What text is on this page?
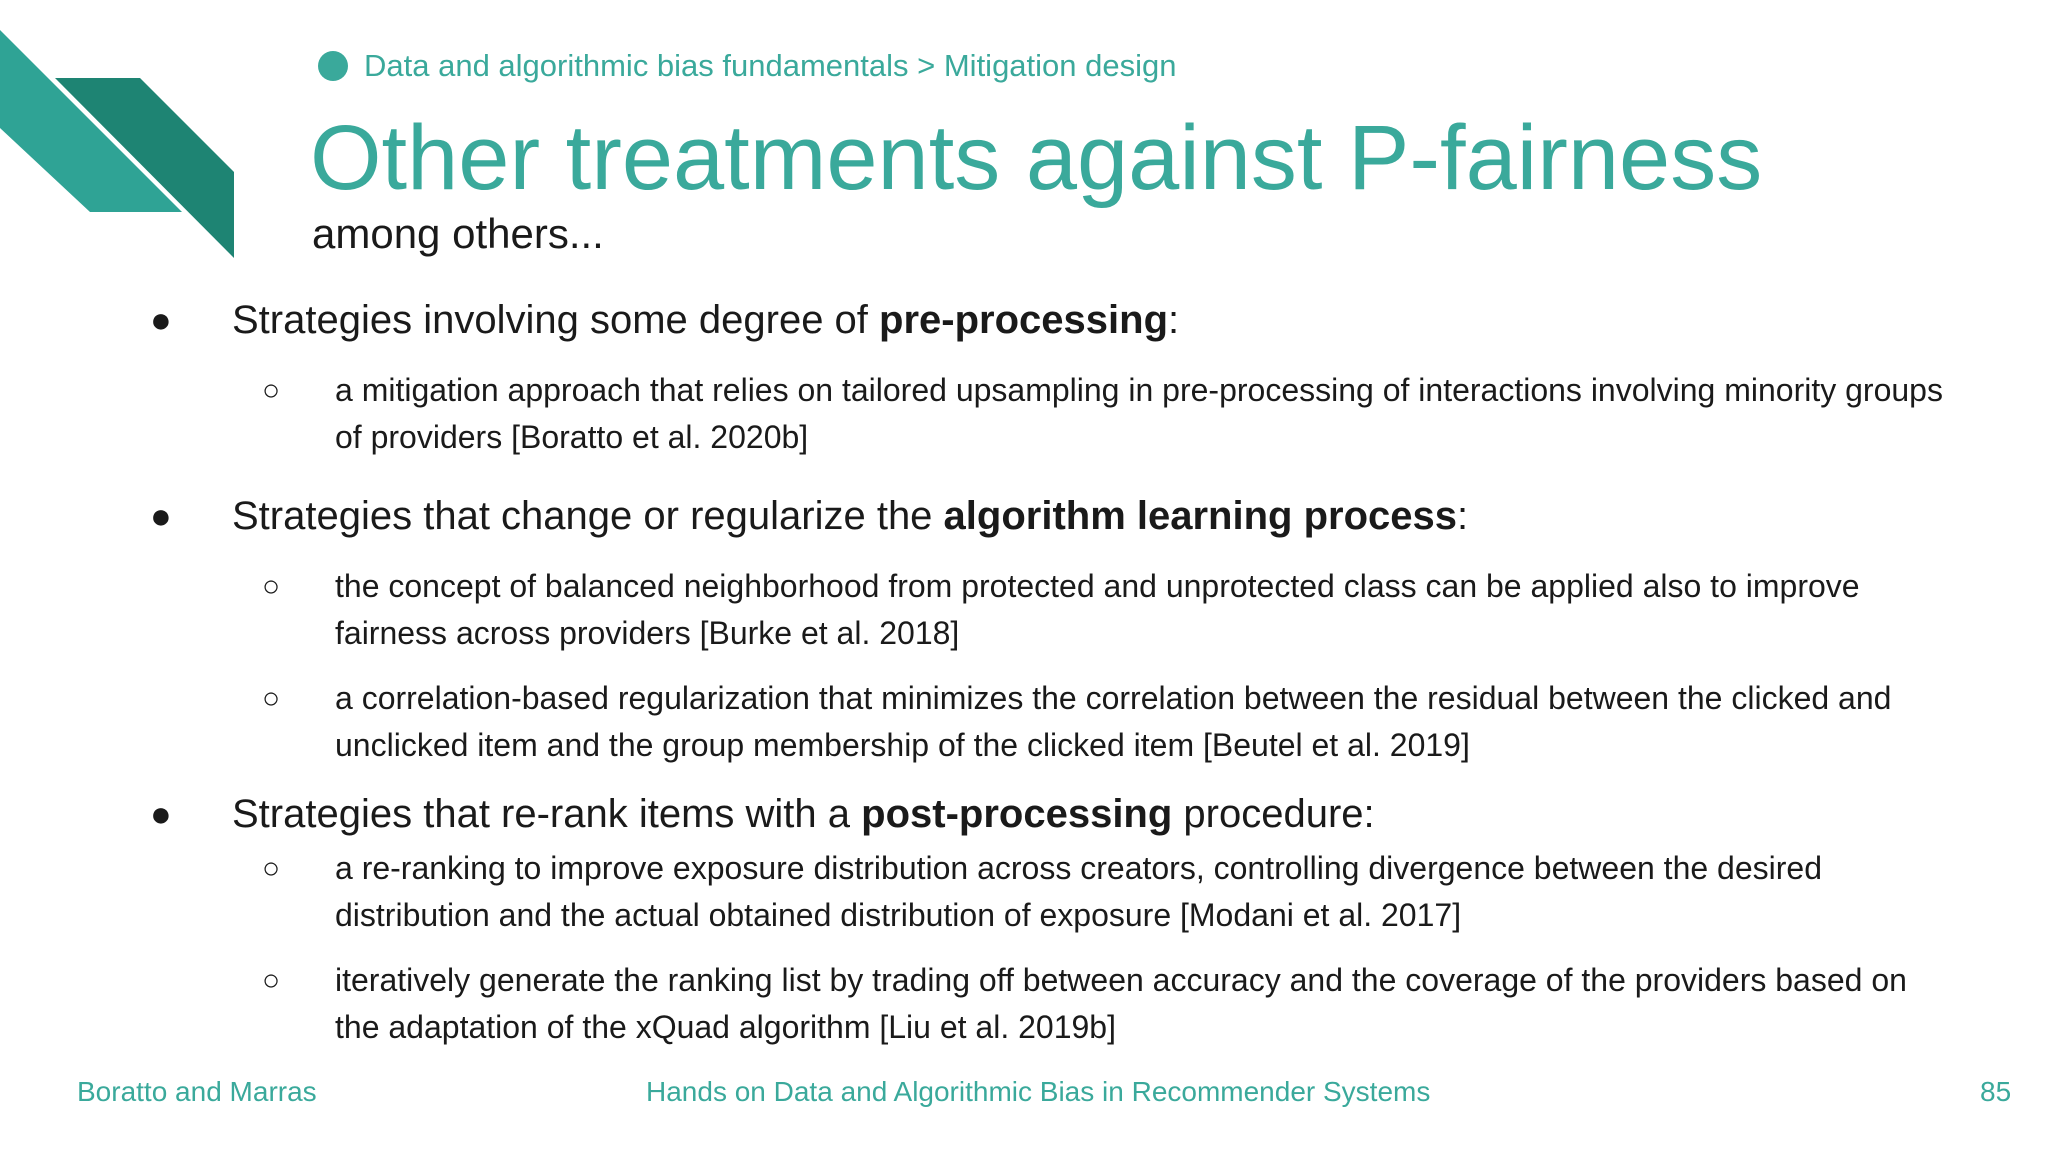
Data and algorithmic bias fundamentals > Mitigation design
Other treatments against P-fairness
among others...
● Strategies involving some degree of pre-processing:
○ a mitigation approach that relies on tailored upsampling in pre-processing of interactions involving minority groups of providers [Boratto et al. 2020b]
● Strategies that change or regularize the algorithm learning process:
○ the concept of balanced neighborhood from protected and unprotected class can be applied also to improve fairness across providers [Burke et al. 2018]
○ a correlation-based regularization that minimizes the correlation between the residual between the clicked and unclicked item and the group membership of the clicked item [Beutel et al. 2019]
● Strategies that re-rank items with a post-processing procedure:
○ a re-ranking to improve exposure distribution across creators, controlling divergence between the desired distribution and the actual obtained distribution of exposure [Modani et al. 2017]
○ iteratively generate the ranking list by trading off between accuracy and the coverage of the providers based on the adaptation of the xQuad algorithm [Liu et al. 2019b]
Boratto and Marras	Hands on Data and Algorithmic Bias in Recommender Systems	85
